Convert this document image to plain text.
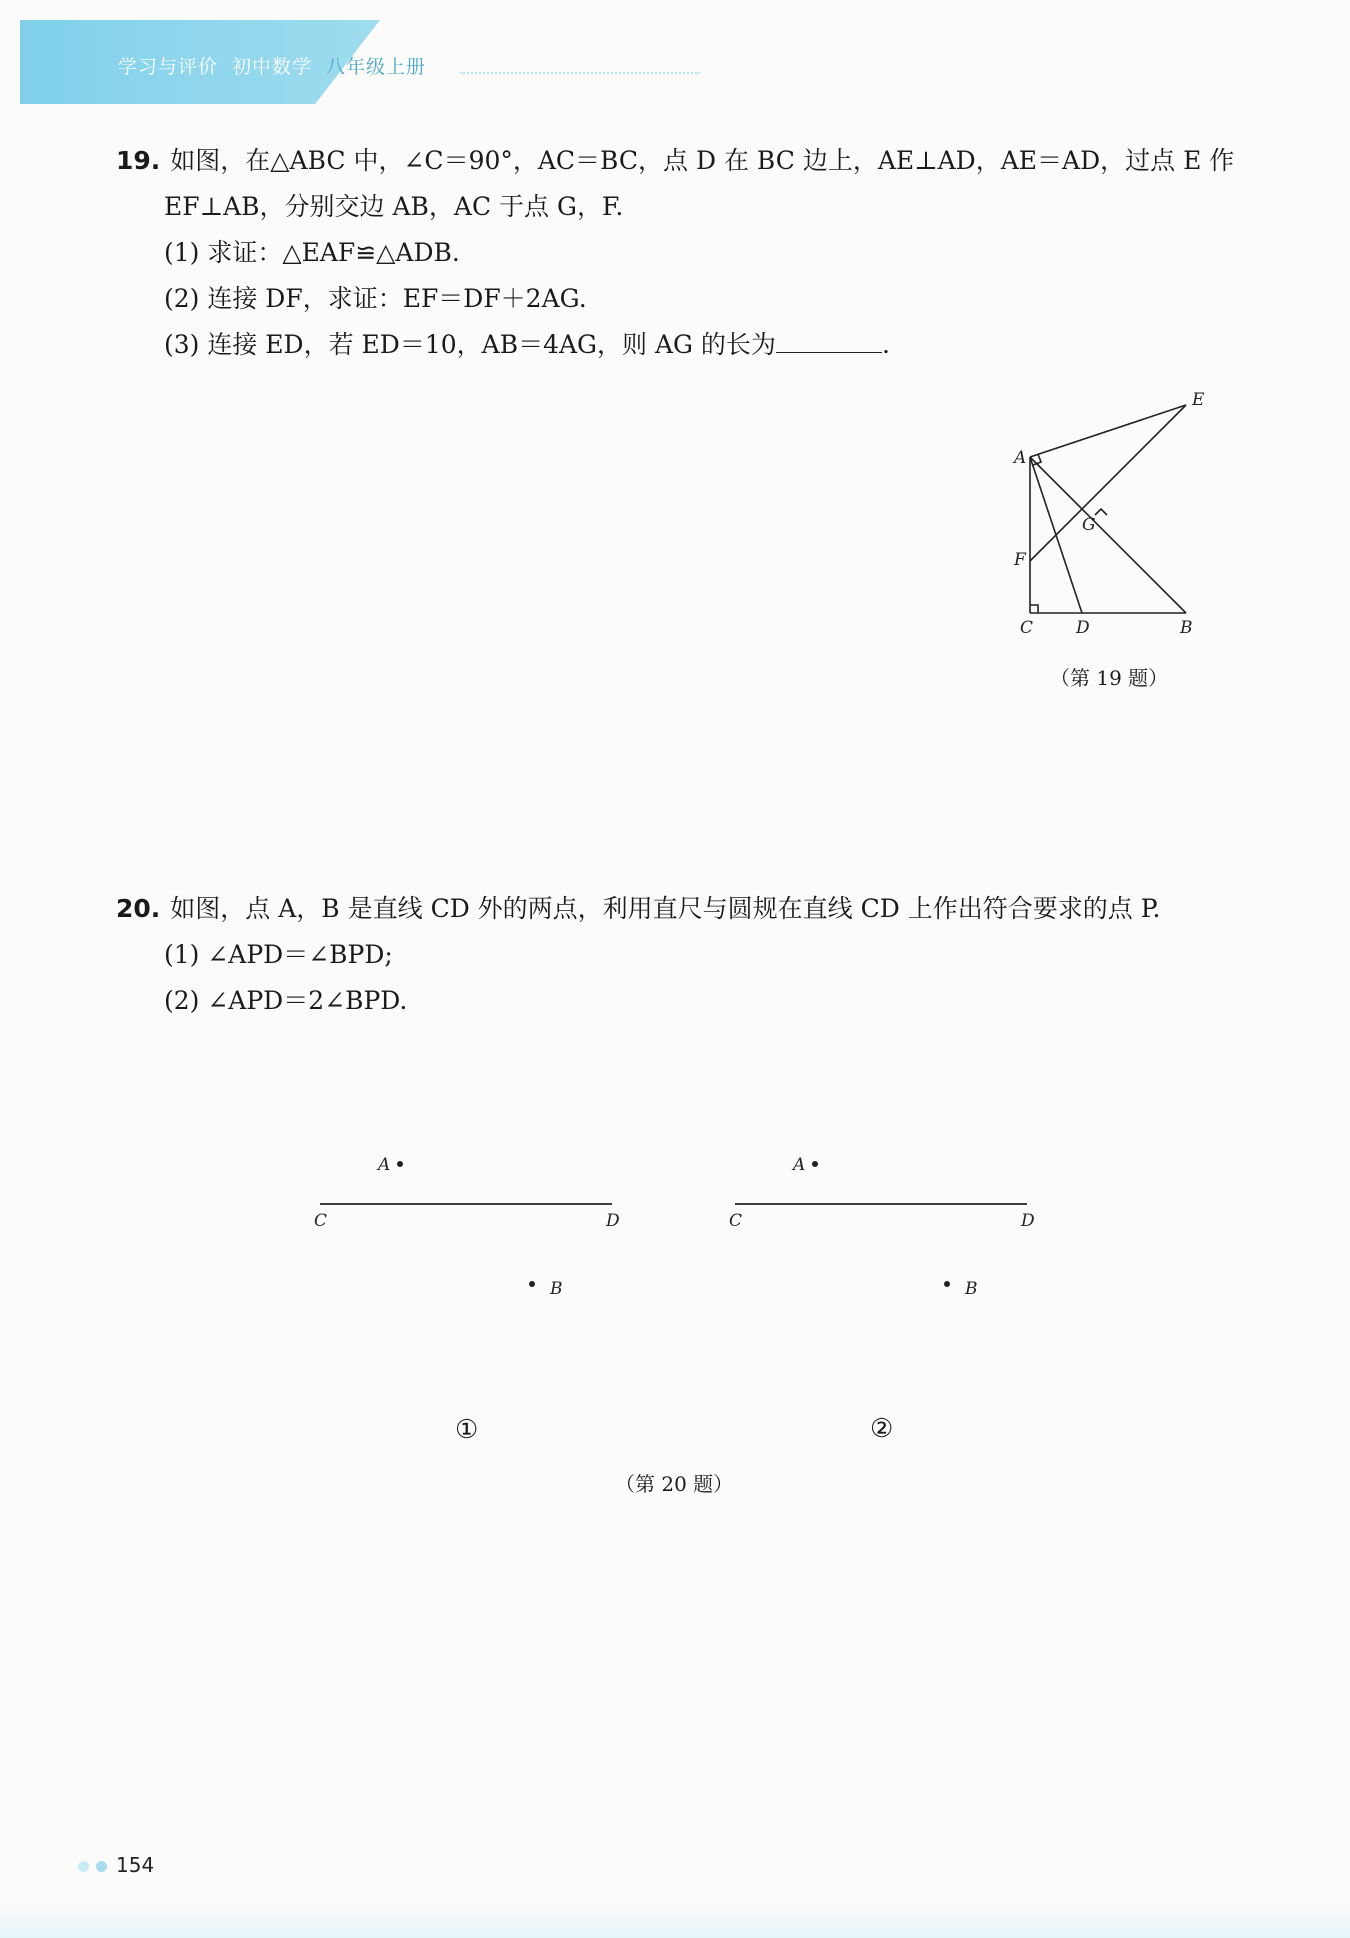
学习与评价 初中数学 八年级上册
19. 如图，在△ABC 中，∠C＝90°，AC＝BC，点 D 在 BC 边上，AE⊥AD，AE＝AD，过点 E 作
EF⊥AB，分别交边 AB，AC 于点 G，F.
(1) 求证：△EAF≌△ADB.
(2) 连接 DF，求证：EF＝DF＋2AG.
(3) 连接 ED，若 ED＝10，AB＝4AG，则 AG 的长为	.
E
A
G
F
C	D	B
（第 19 题）
20. 如图，点 A，B 是直线 CD 外的两点，利用直尺与圆规在直线 CD 上作出符合要求的点 P.
(1) ∠APD＝∠BPD;
(2) ∠APD＝2∠BPD.
A
C	D
B
A
C	D
B
①	②
（第 20 题）
154
